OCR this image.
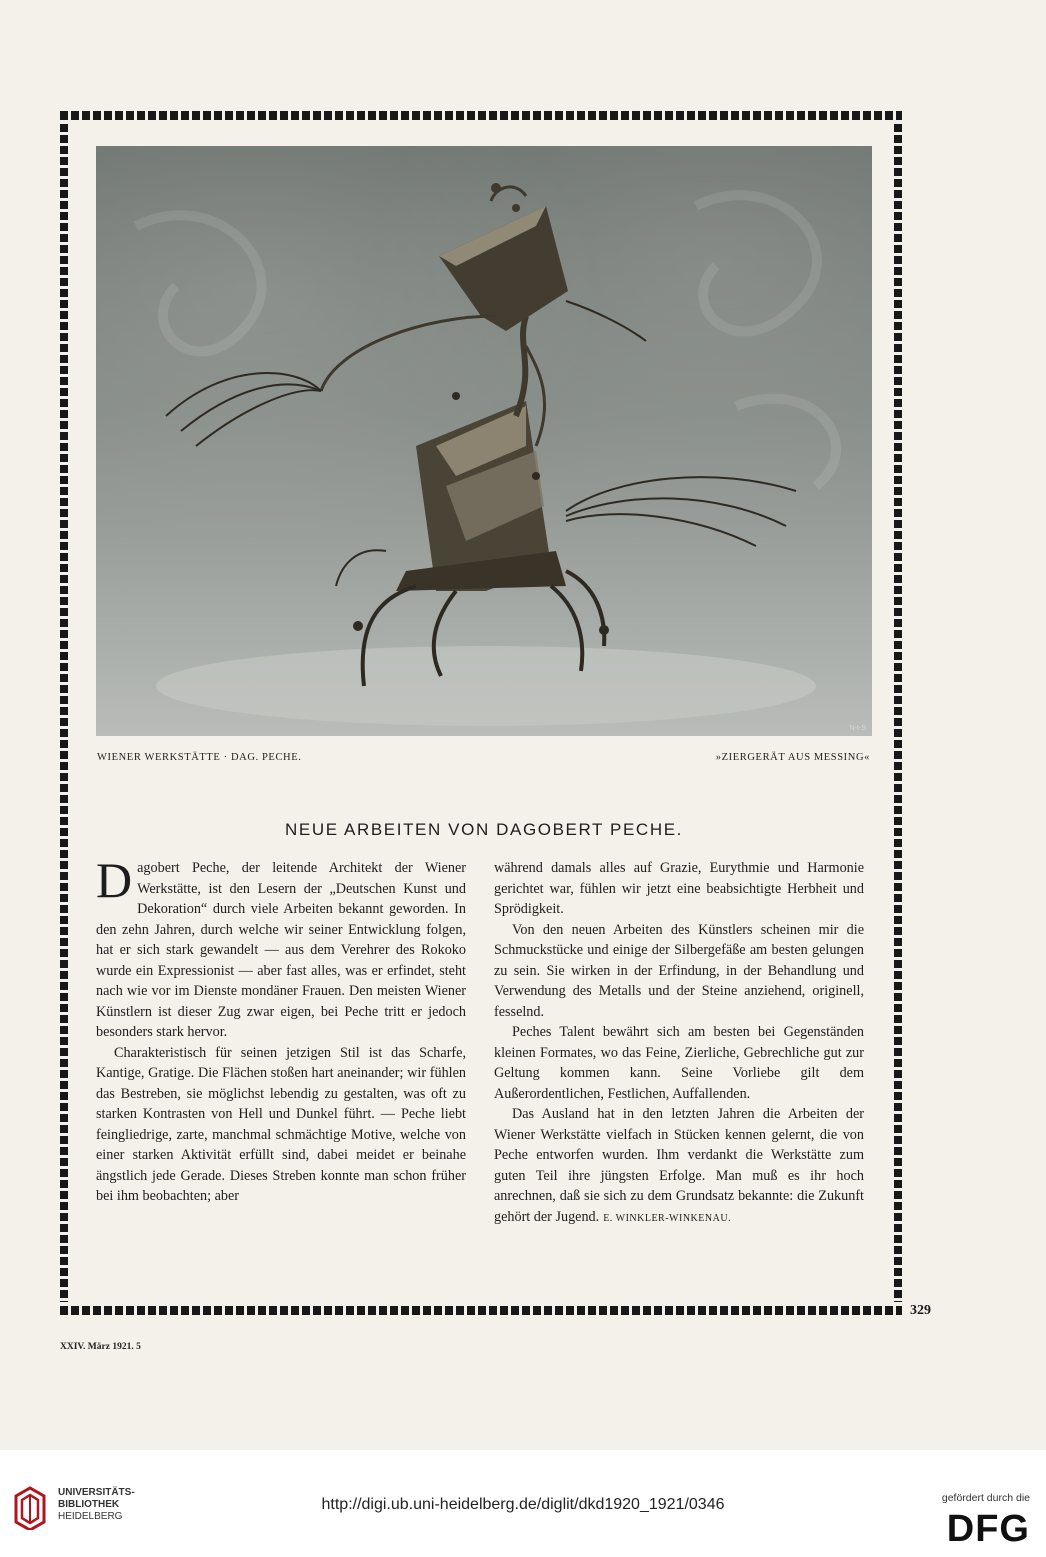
N-t-S
WIENER WERKSTÄTTE · DAG. PECHE.	»ZIERGERÄT AUS MESSING«
NEUE ARBEITEN VON DAGOBERT PECHE.

Dagobert Peche, der leitende Architekt der Wiener Werkstätte, ist den Lesern der „Deutschen Kunst und Dekoration“ durch viele Arbeiten bekannt geworden. In den zehn Jahren, durch welche wir seiner Entwicklung folgen, hat er sich stark gewandelt — aus dem Verehrer des Rokoko wurde ein Expressionist — aber fast alles, was er erfindet, steht nach wie vor im Dienste mondäner Frauen. Den meisten Wiener Künstlern ist dieser Zug zwar eigen, bei Peche tritt er jedoch besonders stark hervor.

Charakteristisch für seinen jetzigen Stil ist das Scharfe, Kantige, Gratige. Die Flächen stoßen hart aneinander; wir fühlen das Bestreben, sie möglichst lebendig zu gestalten, was oft zu starken Kontrasten von Hell und Dunkel führt. — Peche liebt feingliedrige, zarte, manchmal schmächtige Motive, welche von einer starken Aktivität erfüllt sind, dabei meidet er beinahe ängstlich jede Gerade. Dieses Streben konnte man schon früher bei ihm beobachten; aber

während damals alles auf Grazie, Eurythmie und Harmonie gerichtet war, fühlen wir jetzt eine beabsichtigte Herbheit und Sprödigkeit.

Von den neuen Arbeiten des Künstlers scheinen mir die Schmuckstücke und einige der Silbergefäße am besten gelungen zu sein. Sie wirken in der Erfindung, in der Behandlung und Verwendung des Metalls und der Steine anziehend, originell, fesselnd.

Peches Talent bewährt sich am besten bei Gegenständen kleinen Formates, wo das Feine, Zierliche, Gebrechliche gut zur Geltung kommen kann. Seine Vorliebe gilt dem Außerordentlichen, Festlichen, Auffallenden.

Das Ausland hat in den letzten Jahren die Arbeiten der Wiener Werkstätte vielfach in Stücken kennen gelernt, die von Peche entworfen wurden. Ihm verdankt die Werkstätte zum guten Teil ihre jüngsten Erfolge. Man muß es ihr hoch anrechnen, daß sie sich zu dem Grundsatz bekannte: die Zukunft gehört der Jugend. E. WINKLER-WINKENAU.

329
XXIV. März 1921. 5
UNIVERSITÄTS-
BIBLIOTHEK
HEIDELBERG
http://digi.ub.uni-heidelberg.de/diglit/dkd1920_1921/0346	gefördert durch die
DFG
